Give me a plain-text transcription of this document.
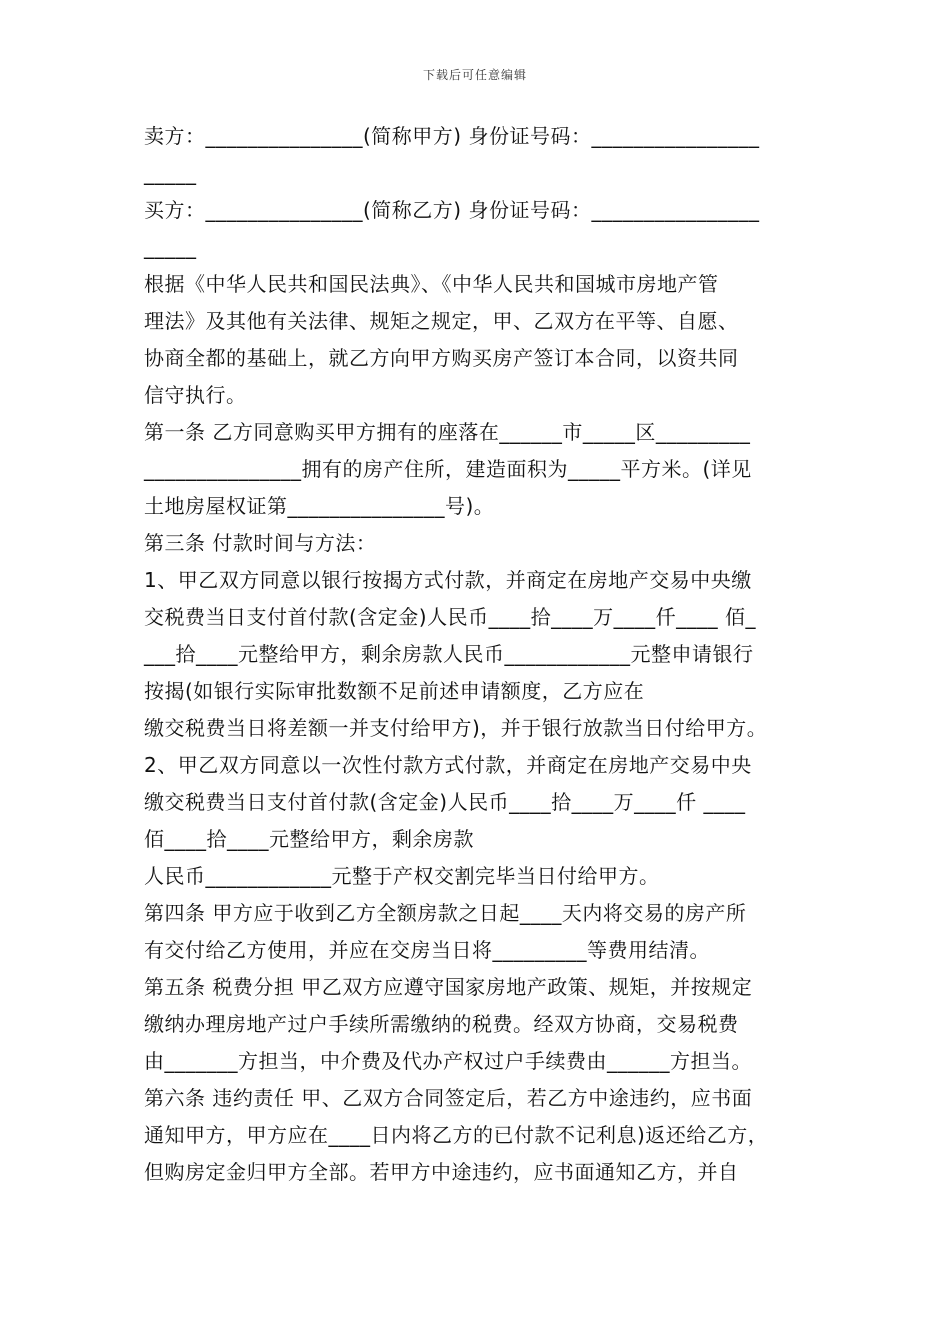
下载后可任意编辑
卖方：_______________(简称甲方) 身份证号码：________________
_____
买方：_______________(简称乙方) 身份证号码：________________
_____
根据《中华人民共和国民法典》、《中华人民共和国城市房地产管
理法》及其他有关法律、规矩之规定，甲、乙双方在平等、自愿、
协商全都的基础上，就乙方向甲方购买房产签订本合同，以资共同
信守执行。
第一条 乙方同意购买甲方拥有的座落在______市_____区_________
_______________拥有的房产住所，建造面积为_____平方米。(详见
土地房屋权证第_______________号)。
第三条 付款时间与方法：
1、甲乙双方同意以银行按揭方式付款，并商定在房地产交易中央缴
交税费当日支付首付款(含定金)人民币____拾____万____仟____ 佰_
___拾____元整给甲方，剩余房款人民币____________元整申请银行
按揭(如银行实际审批数额不足前述申请额度，乙方应在
缴交税费当日将差额一并支付给甲方)，并于银行放款当日付给甲方。
2、甲乙双方同意以一次性付款方式付款，并商定在房地产交易中央
缴交税费当日支付首付款(含定金)人民币____拾____万____仟 ____
佰____拾____元整给甲方，剩余房款
人民币____________元整于产权交割完毕当日付给甲方。
第四条 甲方应于收到乙方全额房款之日起____天内将交易的房产所
有交付给乙方使用，并应在交房当日将_________等费用结清。
第五条 税费分担 甲乙双方应遵守国家房地产政策、规矩，并按规定
缴纳办理房地产过户手续所需缴纳的税费。经双方协商，交易税费
由_______方担当，中介费及代办产权过户手续费由______方担当。
第六条 违约责任 甲、乙双方合同签定后，若乙方中途违约，应书面
通知甲方，甲方应在____日内将乙方的已付款不记利息)返还给乙方，
但购房定金归甲方全部。若甲方中途违约，应书面通知乙方，并自
